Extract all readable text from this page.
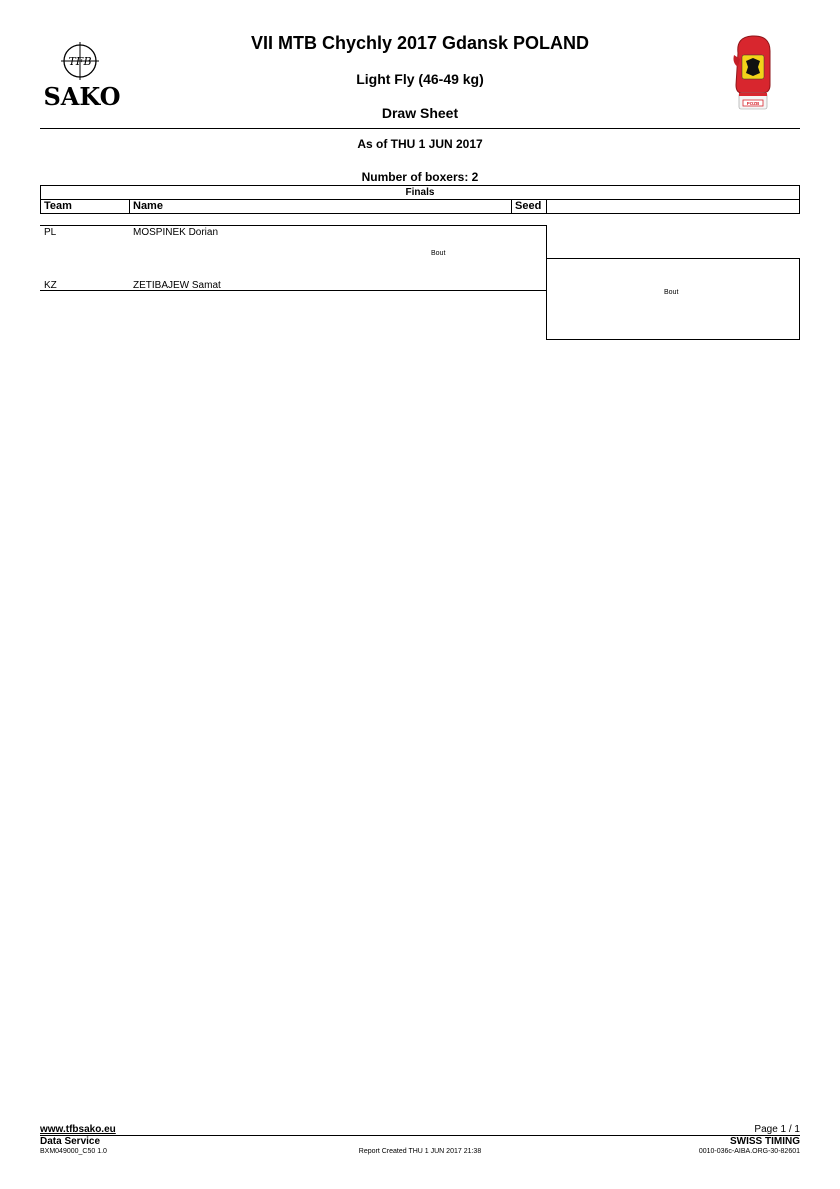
TFB
SAKO
VII MTB Chychly 2017 Gdansk POLAND
Light Fly (46-49 kg)
Draw Sheet
As of THU 1 JUN 2017
Number of boxers: 2
POZB
Finals
Team	Name	Seed
PL	MOSPINEK Dorian
Bout
KZ	ZETIBAJEW Samat
Bout
www.tfbsako.eu
Data Service
BXM049000_C50 1.0	Report Created THU 1 JUN 2017 21:38
Page 1 / 1
SWISS TIMING
0010-036c-AIBA.ORG-30-82601
